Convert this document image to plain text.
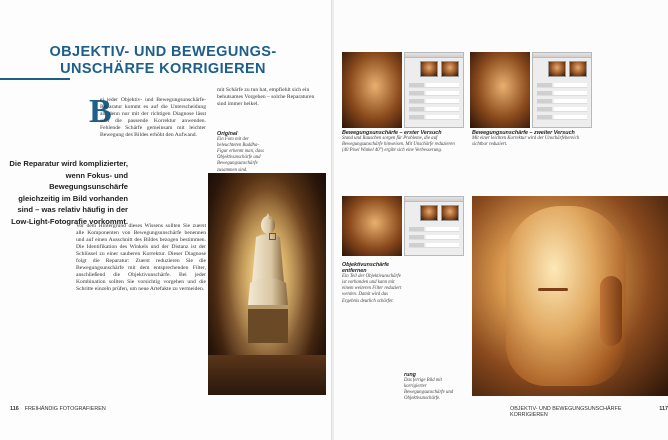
OBJEKTIV- UND BEWEGUNGS-
UNSCHÄRFE KORRIGIEREN
Die Reparatur wird komplizierter, wenn Fokus- und Bewegungsunschärfe gleichzeitig im Bild vorhanden sind – was relativ häufig in der Low-Light-Fotografie vorkommt.
B

ei jeder Objektiv- und Bewegungsunschärfe-Reparatur kommt es auf die Unterscheidung an, denn nur mit der richtigen Diagnose lässt sich die passende Korrektur anwenden. Fehlende Schärfe gemeinsam mit leichter Bewegung des Bildes erhöht den Aufwand.

Vor dem Hintergrund dieses Wissens sollten Sie zuerst alle Komponenten von Bewegungsunschärfe benennen und auf einen Ausschnitt des Bildes bezogen bestimmen. Die Identifikation des Winkels und der Distanz ist der Schlüssel zu einer sauberen Korrektur. Dieser Diagnose folgt die Reparatur: Zuerst reduzieren Sie die Bewegungsunschärfe mit dem entsprechenden Filter, anschließend die Objektivunschärfe. Bei jeder Kombination sollten Sie vorsichtig vorgehen und die Schritte einzeln prüfen, um neue Artefakte zu vermeiden.

mit Schärfe zu tun hat, empfiehlt sich ein behutsames Vorgehen – solche Reparaturen sind immer heikel.
Original
Ein Foto mit der beleuchteten Buddha-Figur erkennt man, dass Objektivunschärfe und Bewegungsunschärfe zusammen sind.
116 FREIHÄNDIG FOTOGRAFIEREN
Bewegungsunschärfe – erster Versuch
Stand und Rauschen sorgen für Probleme, die auf Bewegungsunschärfe hinweisen. Mit Unschärfe reduzieren (40 Pixel Winkel 40°) ergibt sich eine Verbesserung.
Bewegungsunschärfe – zweiter Versuch
Mit einer leichten Korrektur wird der Unschärfebereich sichtbar reduziert.
Objektivunschärfe entfernen
Ein Teil der Objektivunschärfe ist vorhanden und kann mit einem weiteren Filter reduziert werden. Damit wird das Ergebnis deutlich schärfer.
rung
Das fertige Bild mit korrigierter Bewegungsunschärfe und Objektivunschärfe.
OBJEKTIV- UND BEWEGUNGSUNSCHÄRFE KORRIGIEREN
117
